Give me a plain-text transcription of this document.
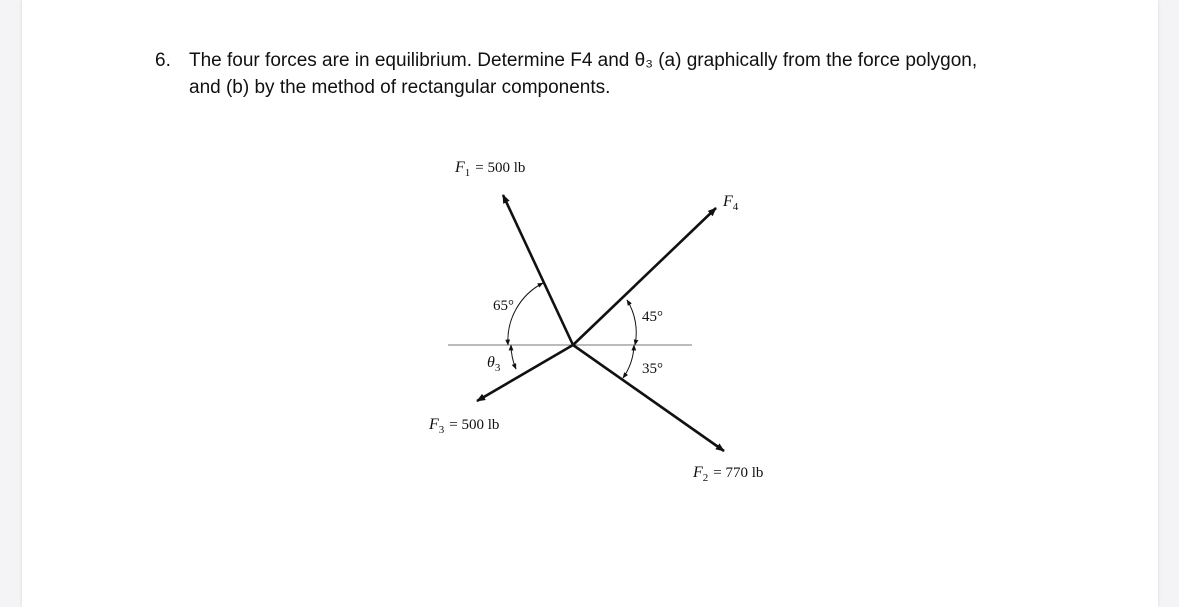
6. The four forces are in equilibrium. Determine F4 and θ₃ (a) graphically from the force polygon,
and (b) by the method of rectangular components.
$F_1 = 500$ lb
$F_4$
65°
45°
$\theta_3$	35°
$F_3 = 500$ lb
$F_2 = 770$ lb
